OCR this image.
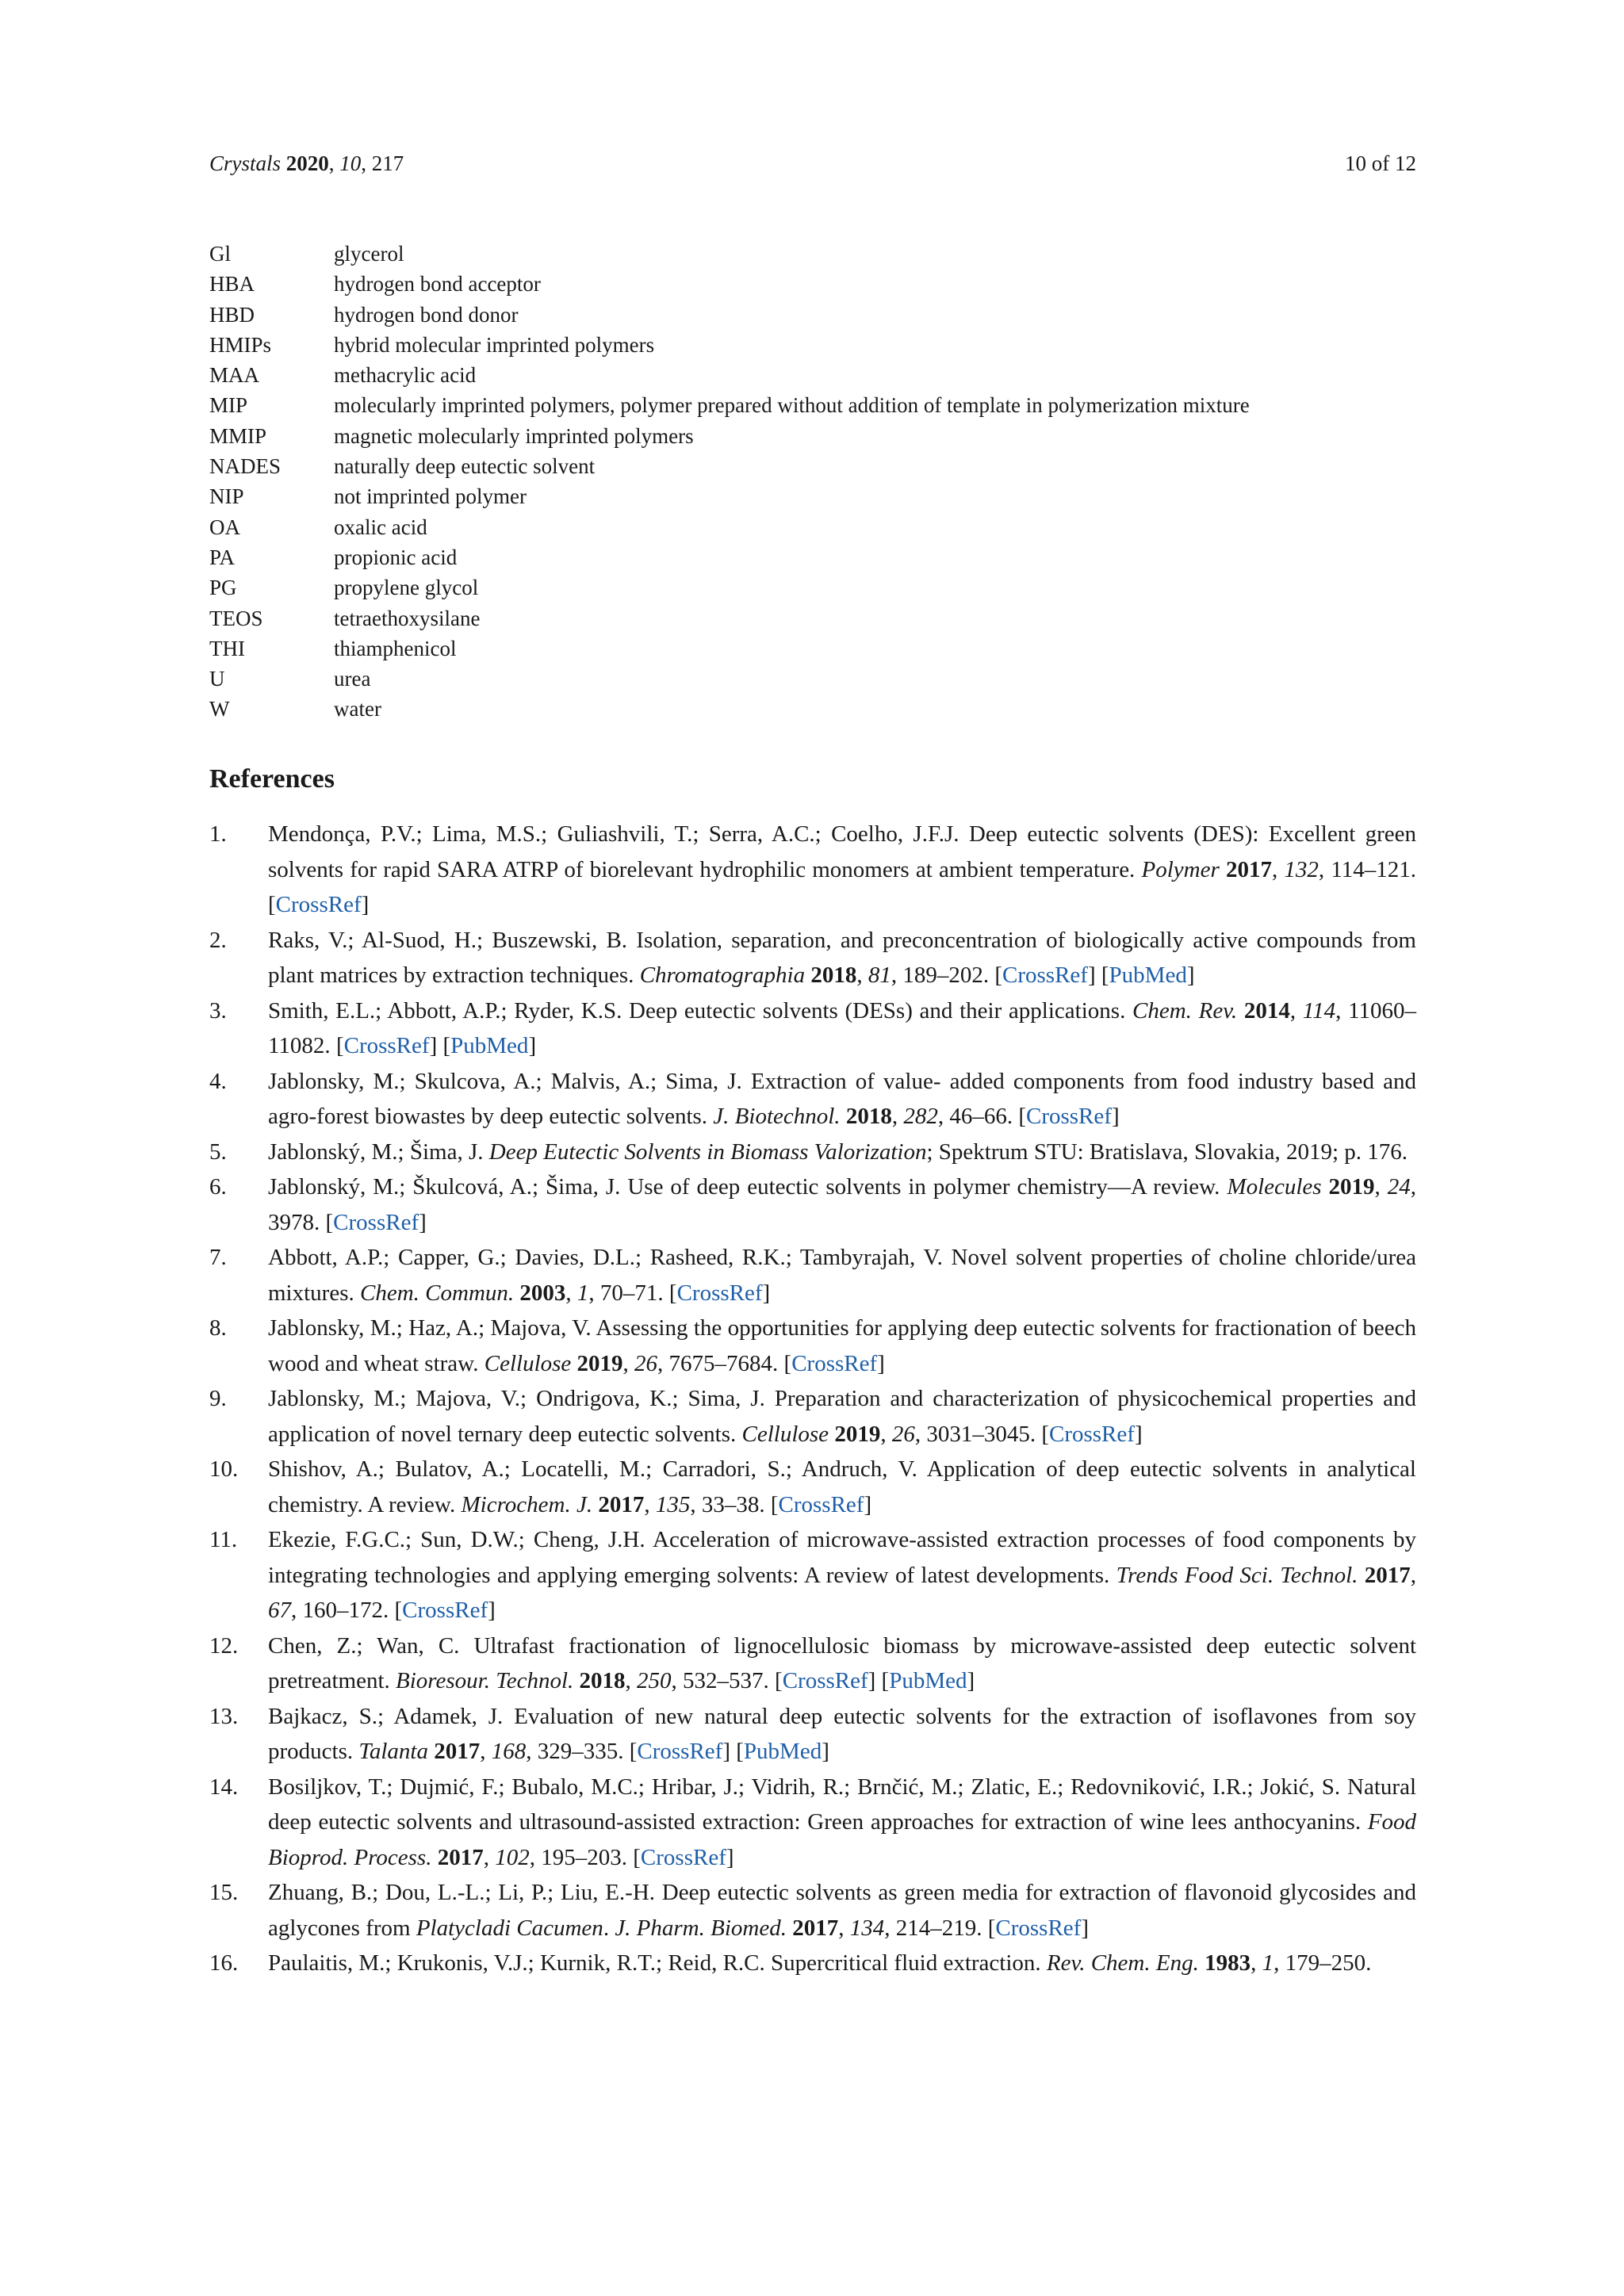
Crystals 2020, 10, 217	10 of 12
Gl	glycerol
HBA	hydrogen bond acceptor
HBD	hydrogen bond donor
HMIPs	hybrid molecular imprinted polymers
MAA	methacrylic acid
MIP	molecularly imprinted polymers, polymer prepared without addition of template in polymerization mixture
MMIP	magnetic molecularly imprinted polymers
NADES naturally deep eutectic solvent
NIP	not imprinted polymer
OA	oxalic acid
PA	propionic acid
PG	propylene glycol
TEOS	tetraethoxysilane
THI	thiamphenicol
U	urea
W	water
References
1. Mendonça, P.V.; Lima, M.S.; Guliashvili, T.; Serra, A.C.; Coelho, J.F.J. Deep eutectic solvents (DES): Excellent green solvents for rapid SARA ATRP of biorelevant hydrophilic monomers at ambient temperature. Polymer 2017, 132, 114–121. [CrossRef]
2. Raks, V.; Al-Suod, H.; Buszewski, B. Isolation, separation, and preconcentration of biologically active compounds from plant matrices by extraction techniques. Chromatographia 2018, 81, 189–202. [CrossRef] [PubMed]
3. Smith, E.L.; Abbott, A.P.; Ryder, K.S. Deep eutectic solvents (DESs) and their applications. Chem. Rev. 2014, 114, 11060–11082. [CrossRef] [PubMed]
4. Jablonsky, M.; Skulcova, A.; Malvis, A.; Sima, J. Extraction of value- added components from food industry based and agro-forest biowastes by deep eutectic solvents. J. Biotechnol. 2018, 282, 46–66. [CrossRef]
5. Jablonský, M.; Šima, J. Deep Eutectic Solvents in Biomass Valorization; Spektrum STU: Bratislava, Slovakia, 2019; p. 176.
6. Jablonský, M.; Škulcová, A.; Šima, J. Use of deep eutectic solvents in polymer chemistry—A review. Molecules 2019, 24, 3978. [CrossRef]
7. Abbott, A.P.; Capper, G.; Davies, D.L.; Rasheed, R.K.; Tambyrajah, V. Novel solvent properties of choline chloride/urea mixtures. Chem. Commun. 2003, 1, 70–71. [CrossRef]
8. Jablonsky, M.; Haz, A.; Majova, V. Assessing the opportunities for applying deep eutectic solvents for fractionation of beech wood and wheat straw. Cellulose 2019, 26, 7675–7684. [CrossRef]
9. Jablonsky, M.; Majova, V.; Ondrigova, K.; Sima, J. Preparation and characterization of physicochemical properties and application of novel ternary deep eutectic solvents. Cellulose 2019, 26, 3031–3045. [CrossRef]
10. Shishov, A.; Bulatov, A.; Locatelli, M.; Carradori, S.; Andruch, V. Application of deep eutectic solvents in analytical chemistry. A review. Microchem. J. 2017, 135, 33–38. [CrossRef]
11. Ekezie, F.G.C.; Sun, D.W.; Cheng, J.H. Acceleration of microwave-assisted extraction processes of food components by integrating technologies and applying emerging solvents: A review of latest developments. Trends Food Sci. Technol. 2017, 67, 160–172. [CrossRef]
12. Chen, Z.; Wan, C. Ultrafast fractionation of lignocellulosic biomass by microwave-assisted deep eutectic solvent pretreatment. Bioresour. Technol. 2018, 250, 532–537. [CrossRef] [PubMed]
13. Bajkacz, S.; Adamek, J. Evaluation of new natural deep eutectic solvents for the extraction of isoflavones from soy products. Talanta 2017, 168, 329–335. [CrossRef] [PubMed]
14. Bosiljkov, T.; Dujmić, F.; Bubalo, M.C.; Hribar, J.; Vidrih, R.; Brnčić, M.; Zlatic, E.; Redovniković, I.R.; Jokić, S. Natural deep eutectic solvents and ultrasound-assisted extraction: Green approaches for extraction of wine lees anthocyanins. Food Bioprod. Process. 2017, 102, 195–203. [CrossRef]
15. Zhuang, B.; Dou, L.-L.; Li, P.; Liu, E.-H. Deep eutectic solvents as green media for extraction of flavonoid glycosides and aglycones from Platycladi Cacumen. J. Pharm. Biomed. 2017, 134, 214–219. [CrossRef]
16. Paulaitis, M.; Krukonis, V.J.; Kurnik, R.T.; Reid, R.C. Supercritical fluid extraction. Rev. Chem. Eng. 1983, 1, 179–250.
